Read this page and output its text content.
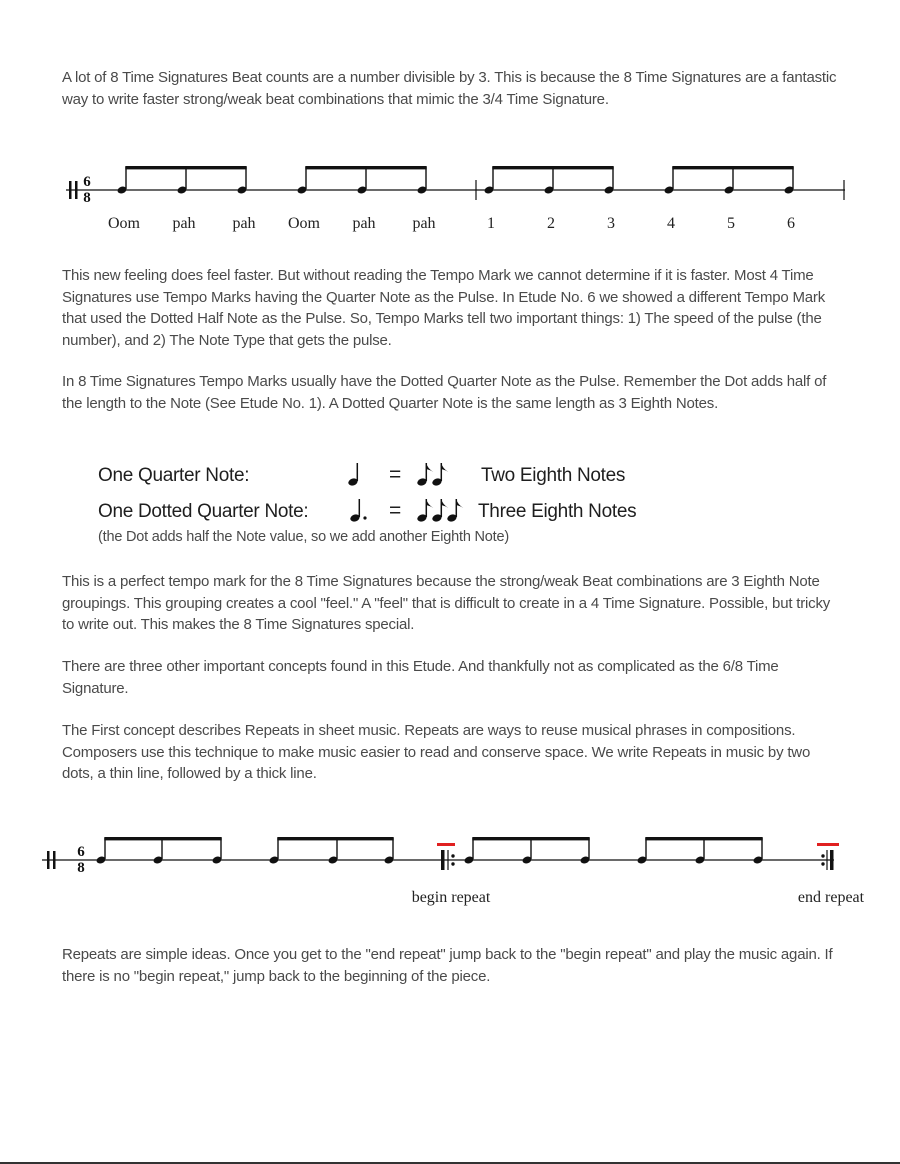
A lot of 8 Time Signatures Beat counts are a number divisible by 3. This is because the 8 Time Signatures are a fantastic way to write faster strong/weak beat combinations that mimic the 3/4 Time Signature.

6
8
Oom pah pah Oom pah pah	1	2	3	4	5	6

This new feeling does feel faster. But without reading the Tempo Mark we cannot determine if it is faster. Most 4 Time Signatures use Tempo Marks having the Quarter Note as the Pulse. In Etude No. 6 we showed a different Tempo Mark that used the Dotted Half Note as the Pulse. So, Tempo Marks tell two important things: 1) The speed of the pulse (the number), and 2) The Note Type that gets the pulse.

In 8 Time Signatures Tempo Marks usually have the Dotted Quarter Note as the Pulse. Remember the Dot adds half of the length to the Note (See Etude No. 1). A Dotted Quarter Note is the same length as 3 Eighth Notes.

One Quarter Note:	=	Two Eighth Notes
One Dotted Quarter Note:	=	Three Eighth Notes
(the Dot adds half the Note value, so we add another Eighth Note)

This is a perfect tempo mark for the 8 Time Signatures because the strong/weak Beat combinations are 3 Eighth Note groupings. This grouping creates a cool "feel." A "feel" that is difficult to create in a 4 Time Signature. Possible, but tricky to write out. This makes the 8 Time Signatures special.

There are three other important concepts found in this Etude. And thankfully not as complicated as the 6/8 Time Signature.

The First concept describes Repeats in sheet music. Repeats are ways to reuse musical phrases in compositions. Composers use this technique to make music easier to read and conserve space. We write Repeats in music by two dots, a thin line, followed by a thick line.

6
8
begin repeat	end repeat

Repeats are simple ideas. Once you get to the "end repeat" jump back to the "begin repeat" and play the music again. If there is no "begin repeat," jump back to the beginning of the piece.
